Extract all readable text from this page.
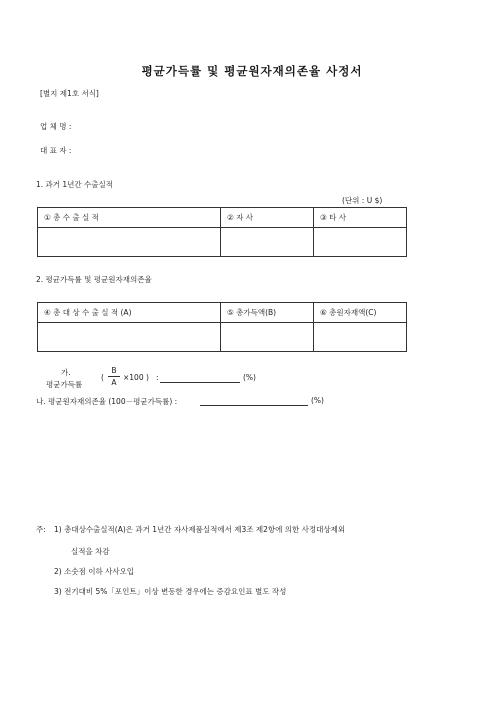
평균가득률 및 평균원자재의존율 사정서
[별지 제1호 서식]
업 체 명 :
대 표 자 :
1. 과거 1년간 수출실적
(단위 : U $)
① 총 수 출 실 적	② 자 사	③ 타 사

2. 평균가득률 및 평균원자재의존율
④ 총 대 상 수 출 실 적 (A)	⑤ 총가득액(B)	⑥ 총원자재액(C)

가.
평균가득률
(
B
A
×100 ) :	(%)
나. 평균원자재의존율 (100－평균가득률) :	(%)
주: 1) 총대상수출실적(A)은 과거 1년간 자사제품실적에서 제3조 제2항에 의한 사정대상제외
실적을 차감
2) 소숫점 이하 사사오입
3) 전기대비 5%「포인트」이상 변동한 경우에는 증감요인표 별도 작성
